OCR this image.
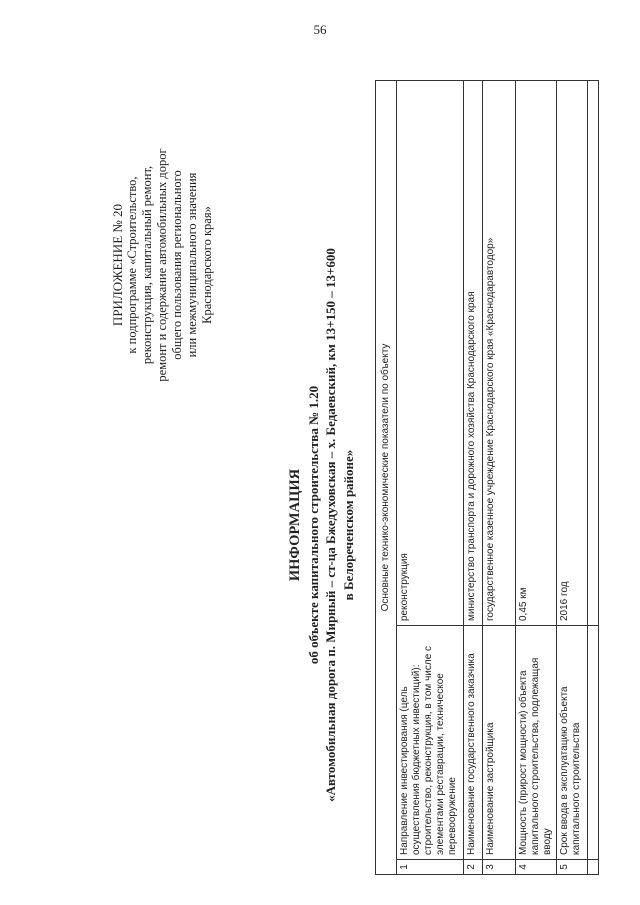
56
ПРИЛОЖЕНИЕ № 20 к подпрограмме «Строительство, реконструкция, капитальный ремонт, ремонт и содержание автомобильных дорог общего пользования регионального или межмуниципального значения Краснодарского края»
ИНФОРМАЦИЯ об объекте капитального строительства № 1.20 «Автомобильная дорога п. Мирный – ст-ца Бжедуховская – х. Бедаевский, км 13+150 – 13+600 в Белореченском районе» Основные технико-экономические показатели по объекту		
1	Направление инвестирования (цель осуществления бюджетных инвестиций): строительство, реконструкция, в том числе с элементами реставрации, техническое перевооружение	реконструкция
2	Наименование государственного заказчика	министерство транспорта и дорожного хозяйства Краснодарского края
3	Наименование застройщика	государственное казенное учреждение Краснодарского края «Краснодаравтодор»
4	Мощность (прирост мощности) объекта капитального строительства, подлежащая вводу	0,45 км
5	Срок ввода в эксплуатацию объекта капитального строительства	2016 год
